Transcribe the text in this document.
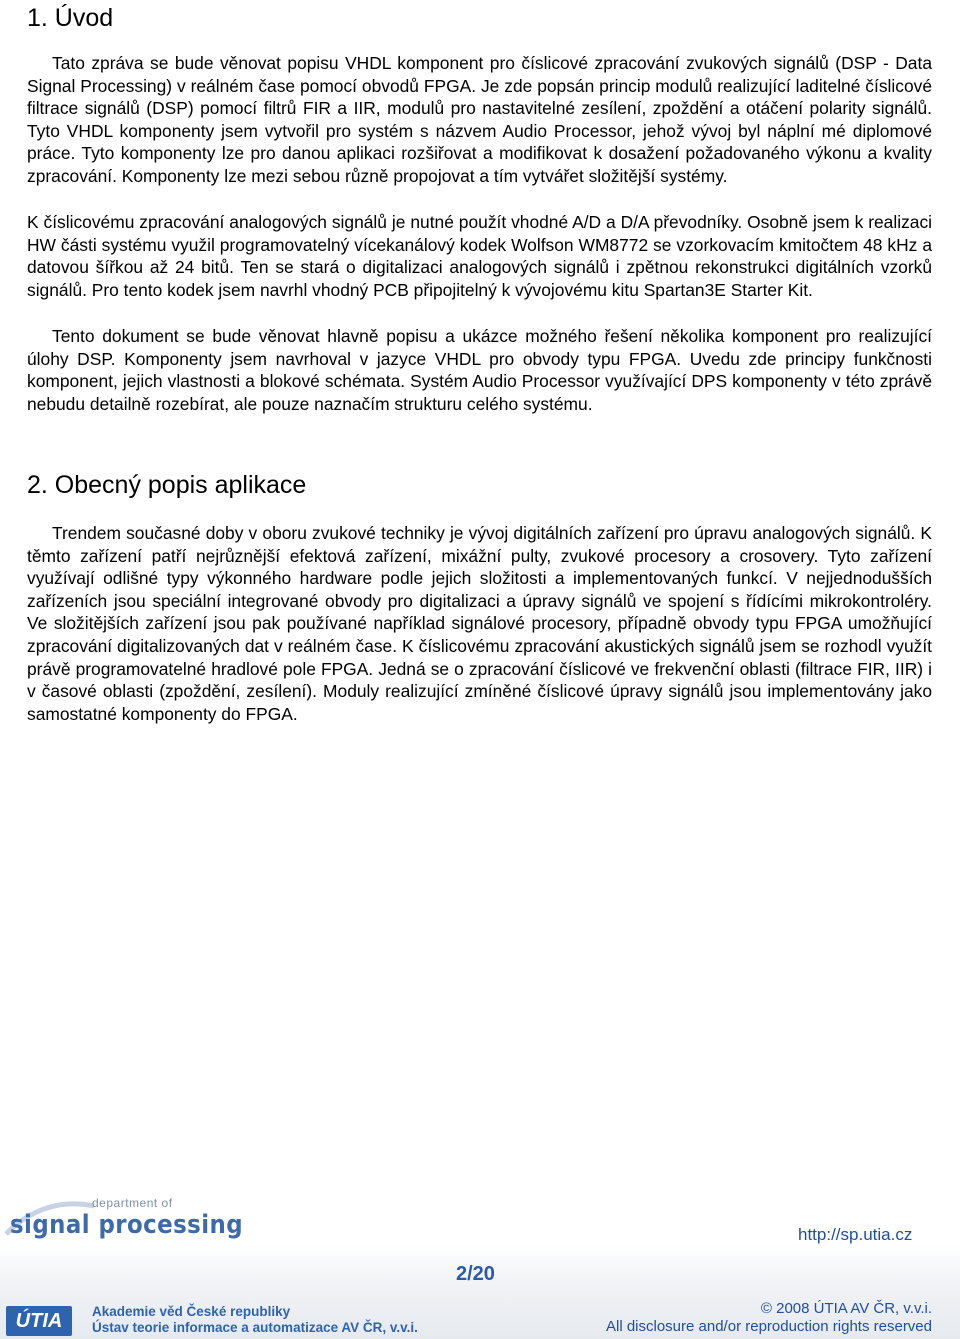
1. Úvod

Tato zpráva se bude věnovat popisu VHDL komponent pro číslicové zpracování zvukových signálů (DSP - Data Signal Processing) v reálném čase pomocí obvodů FPGA. Je zde popsán princip modulů realizující laditelné číslicové filtrace signálů (DSP) pomocí filtrů FIR a IIR, modulů pro nastavitelné zesílení, zpoždění a otáčení polarity signálů. Tyto VHDL komponenty jsem vytvořil pro systém s názvem Audio Processor, jehož vývoj byl náplní mé diplomové práce. Tyto komponenty lze pro danou aplikaci rozšiřovat a modifikovat k dosažení požadovaného výkonu a kvality zpracování. Komponenty lze mezi sebou různě propojovat a tím vytvářet složitější systémy.

K číslicovému zpracování analogových signálů je nutné použít vhodné A/D a D/A převodníky. Osobně jsem k realizaci HW části systému využil programovatelný vícekanálový kodek Wolfson WM8772 se vzorkovacím kmitočtem 48 kHz a datovou šířkou až 24 bitů. Ten se stará o digitalizaci analogových signálů i zpětnou rekonstrukci digitálních vzorků signálů. Pro tento kodek jsem navrhl vhodný PCB připojitelný k vývojovému kitu Spartan3E Starter Kit.

Tento dokument se bude věnovat hlavně popisu a ukázce možného řešení několika komponent pro realizující úlohy DSP. Komponenty jsem navrhoval v jazyce VHDL pro obvody typu FPGA. Uvedu zde principy funkčnosti komponent, jejich vlastnosti a blokové schémata. Systém Audio Processor využívající DPS komponenty v této zprávě nebudu detailně rozebírat, ale pouze naznačím strukturu celého systému.

2. Obecný popis aplikace

Trendem současné doby v oboru zvukové techniky je vývoj digitálních zařízení pro úpravu analogových signálů. K těmto zařízení patří nejrůznější efektová zařízení, mixážní pulty, zvukové procesory a crosovery. Tyto zařízení využívají odlišné typy výkonného hardware podle jejich složitosti a implementovaných funkcí. V nejjednodušších zařízeních jsou speciální integrované obvody pro digitalizaci a úpravy signálů ve spojení s řídícími mikrokontroléry. Ve složitějších zařízení jsou pak používané například signálové procesory, případně obvody typu FPGA umožňující zpracování digitalizovaných dat v reálném čase. K číslicovému zpracování akustických signálů jsem se rozhodl využít právě programovatelné hradlové pole FPGA. Jedná se o zpracování číslicové ve frekvenční oblasti (filtrace FIR, IIR) i v časové oblasti (zpoždění, zesílení). Moduly realizující zmíněné číslicové úpravy signálů jsou implementovány jako samostatné komponenty do FPGA.

department of
signal processing	http://sp.utia.cz
2/20
ÚTIA	Akademie věd České republiky
Ústav teorie informace a automatizace AV ČR, v.v.i.
© 2008 ÚTIA AV ČR, v.v.i.
All disclosure and/or reproduction rights reserved
